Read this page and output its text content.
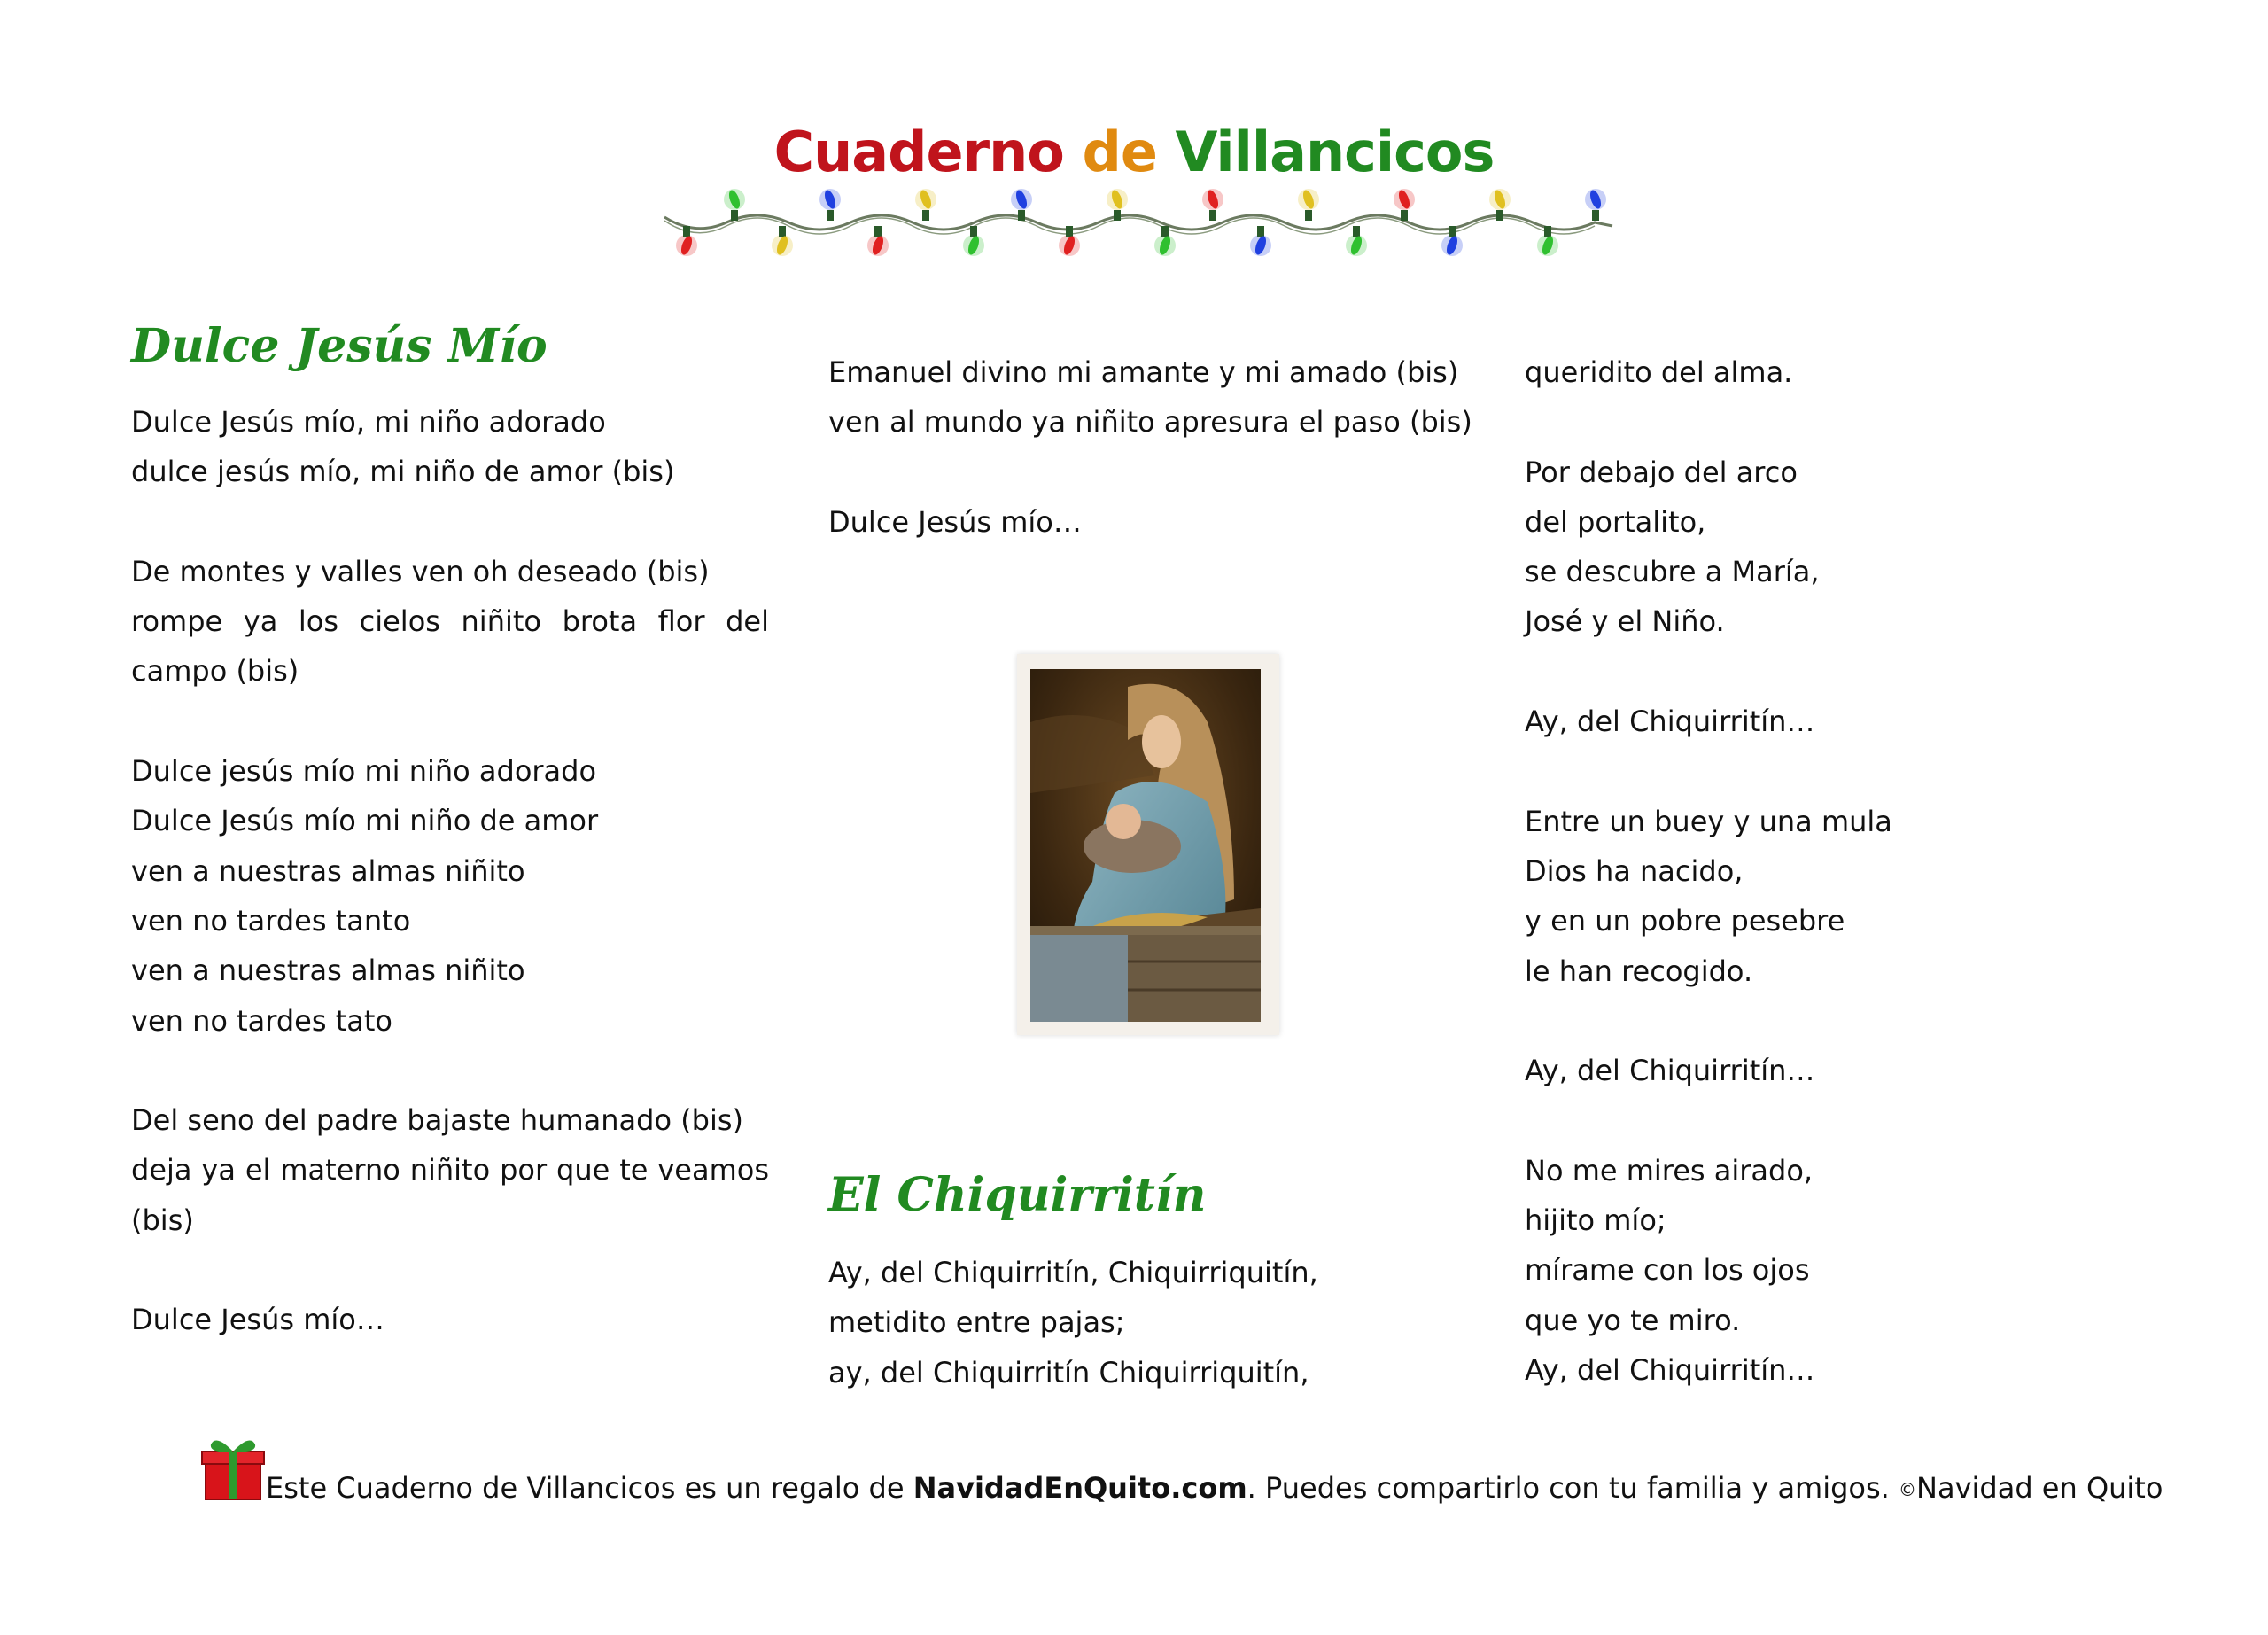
Cuaderno de Villancicos
Dulce Jesús Mío
Dulce Jesús mío, mi niño adorado
dulce jesús mío, mi niño de amor (bis)
De montes y valles ven oh deseado (bis)
rompe ya los cielos niñito brota flor del campo (bis)
Dulce jesús mío mi niño adorado
Dulce Jesús mío mi niño de amor
ven a nuestras almas niñito
ven no tardes tanto
ven a nuestras almas niñito
ven no tardes tato
Del seno del padre bajaste humanado (bis)
deja ya el materno niñito por que te veamos (bis)
Dulce Jesús mío…
Emanuel divino mi amante y mi amado (bis)
ven al mundo ya niñito apresura el paso (bis)
Dulce Jesús mío…
El Chiquirritín
Ay, del Chiquirritín, Chiquirriquitín,
metidito entre pajas;
ay, del Chiquirritín Chiquirriquitín,
queridito del alma.
Por debajo del arco
del portalito,
se descubre a María,
José y el Niño.
Ay, del Chiquirritín…
Entre un buey y una mula
Dios ha nacido,
y en un pobre pesebre
le han recogido.
Ay, del Chiquirritín…
No me mires airado,
hijito mío;
mírame con los ojos
que yo te miro.
Ay, del Chiquirritín…
Este Cuaderno de Villancicos es un regalo de NavidadEnQuito.com. Puedes compartirlo con tu familia y amigos. ©Navidad en Quito
